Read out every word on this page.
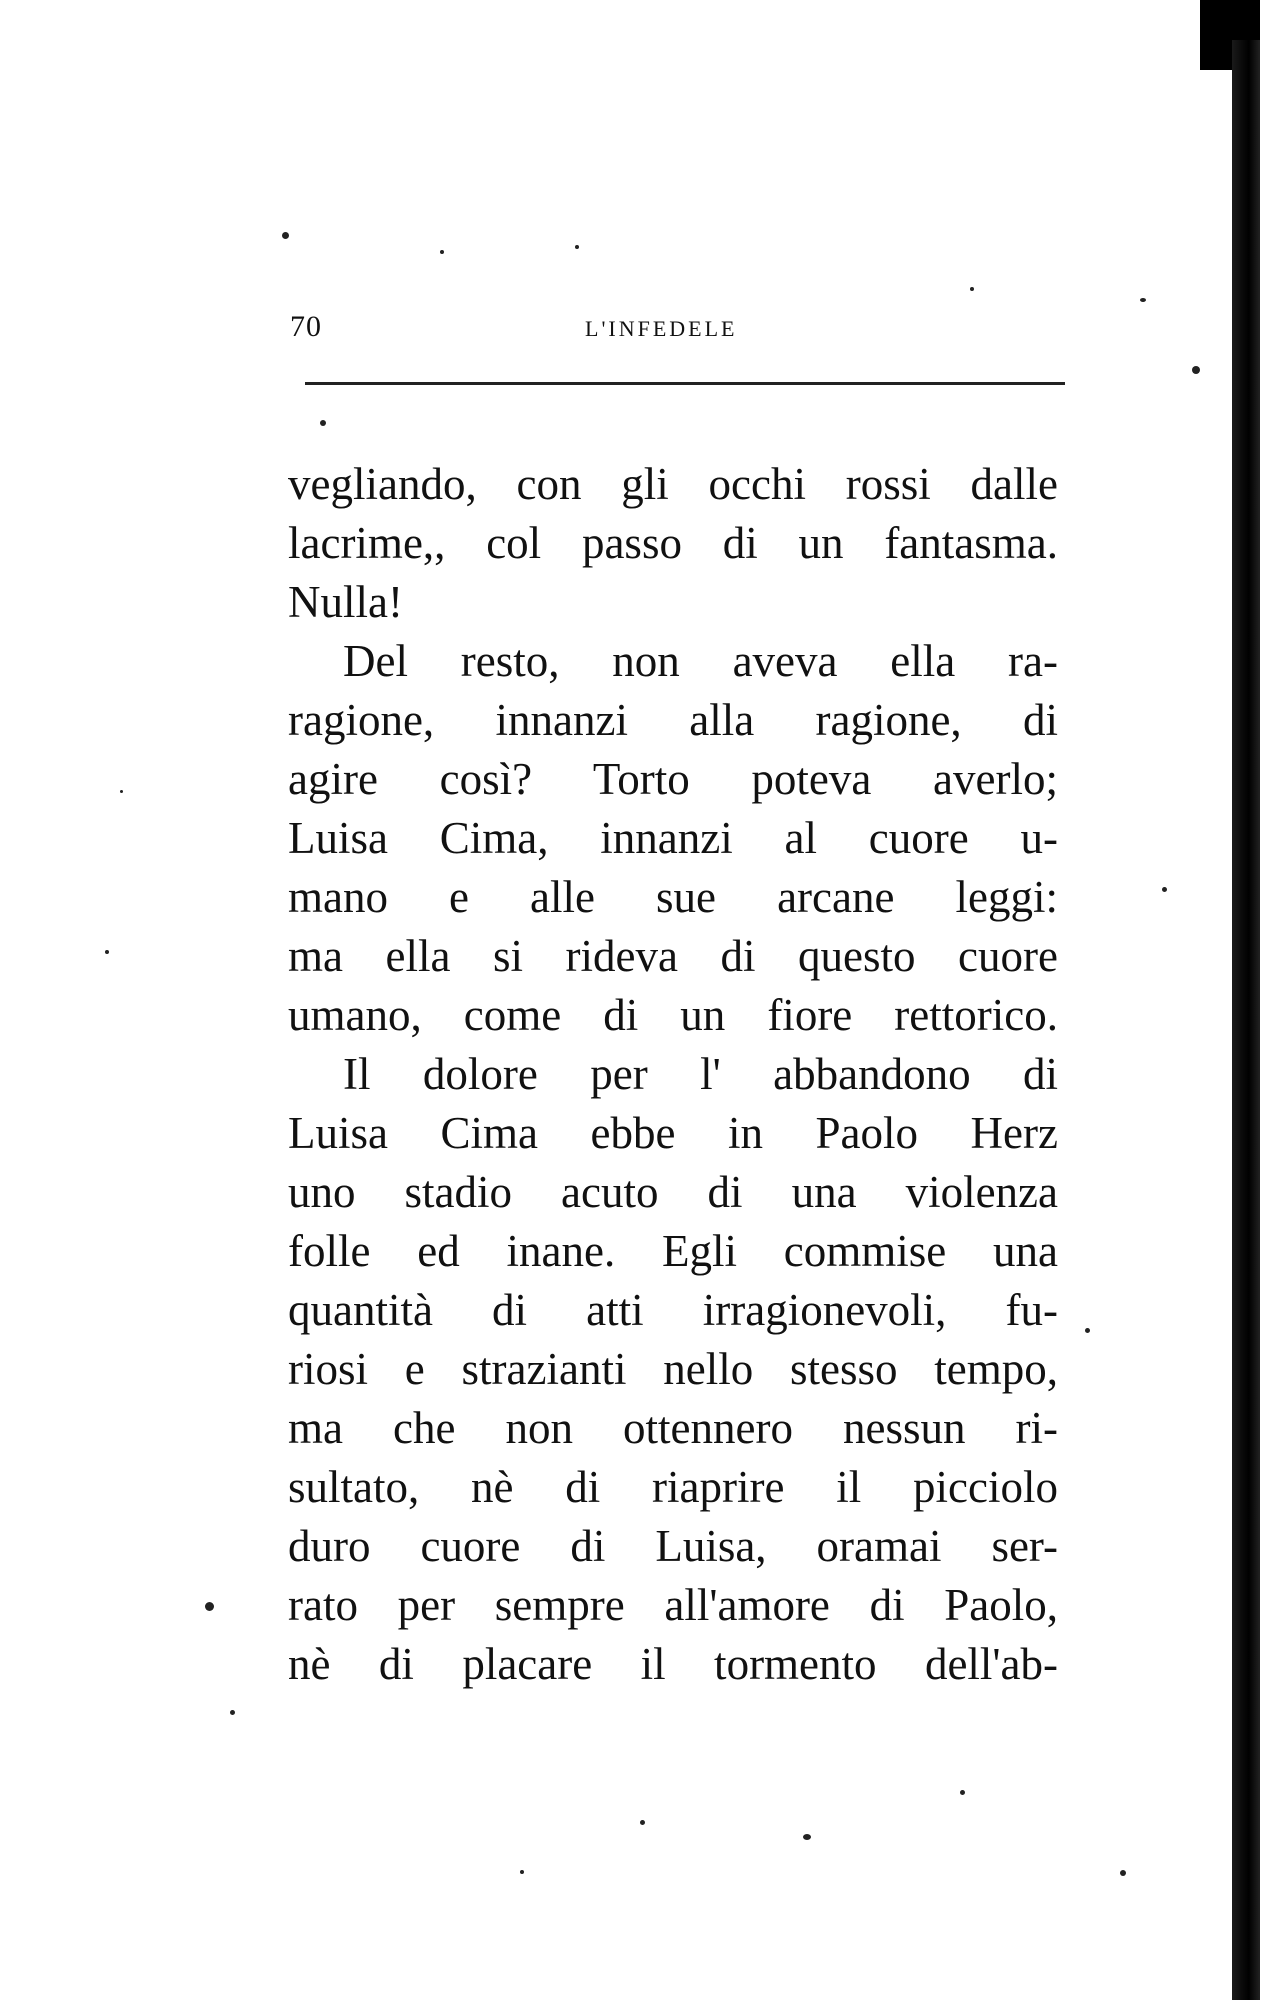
70	L'INFEDELE

vegliando, con gli occhi rossi dalle
lacrime,, col passo di un fantasma.
Nulla!

Del resto, non aveva ella ra-
ragione, innanzi alla ragione, di
agire così? Torto poteva averlo;
Luisa Cima, innanzi al cuore u-
mano e alle sue arcane leggi:
ma ella si rideva di questo cuore
umano, come di un fiore rettorico.

Il dolore per l' abbandono di
Luisa Cima ebbe in Paolo Herz
uno stadio acuto di una violenza
folle ed inane. Egli commise una
quantità di atti irragionevoli, fu-
riosi e strazianti nello stesso tempo,
ma che non ottennero nessun ri-
sultato, nè di riaprire il picciolo
duro cuore di Luisa, oramai ser-
rato per sempre all'amore di Paolo,
nè di placare il tormento dell'ab-
